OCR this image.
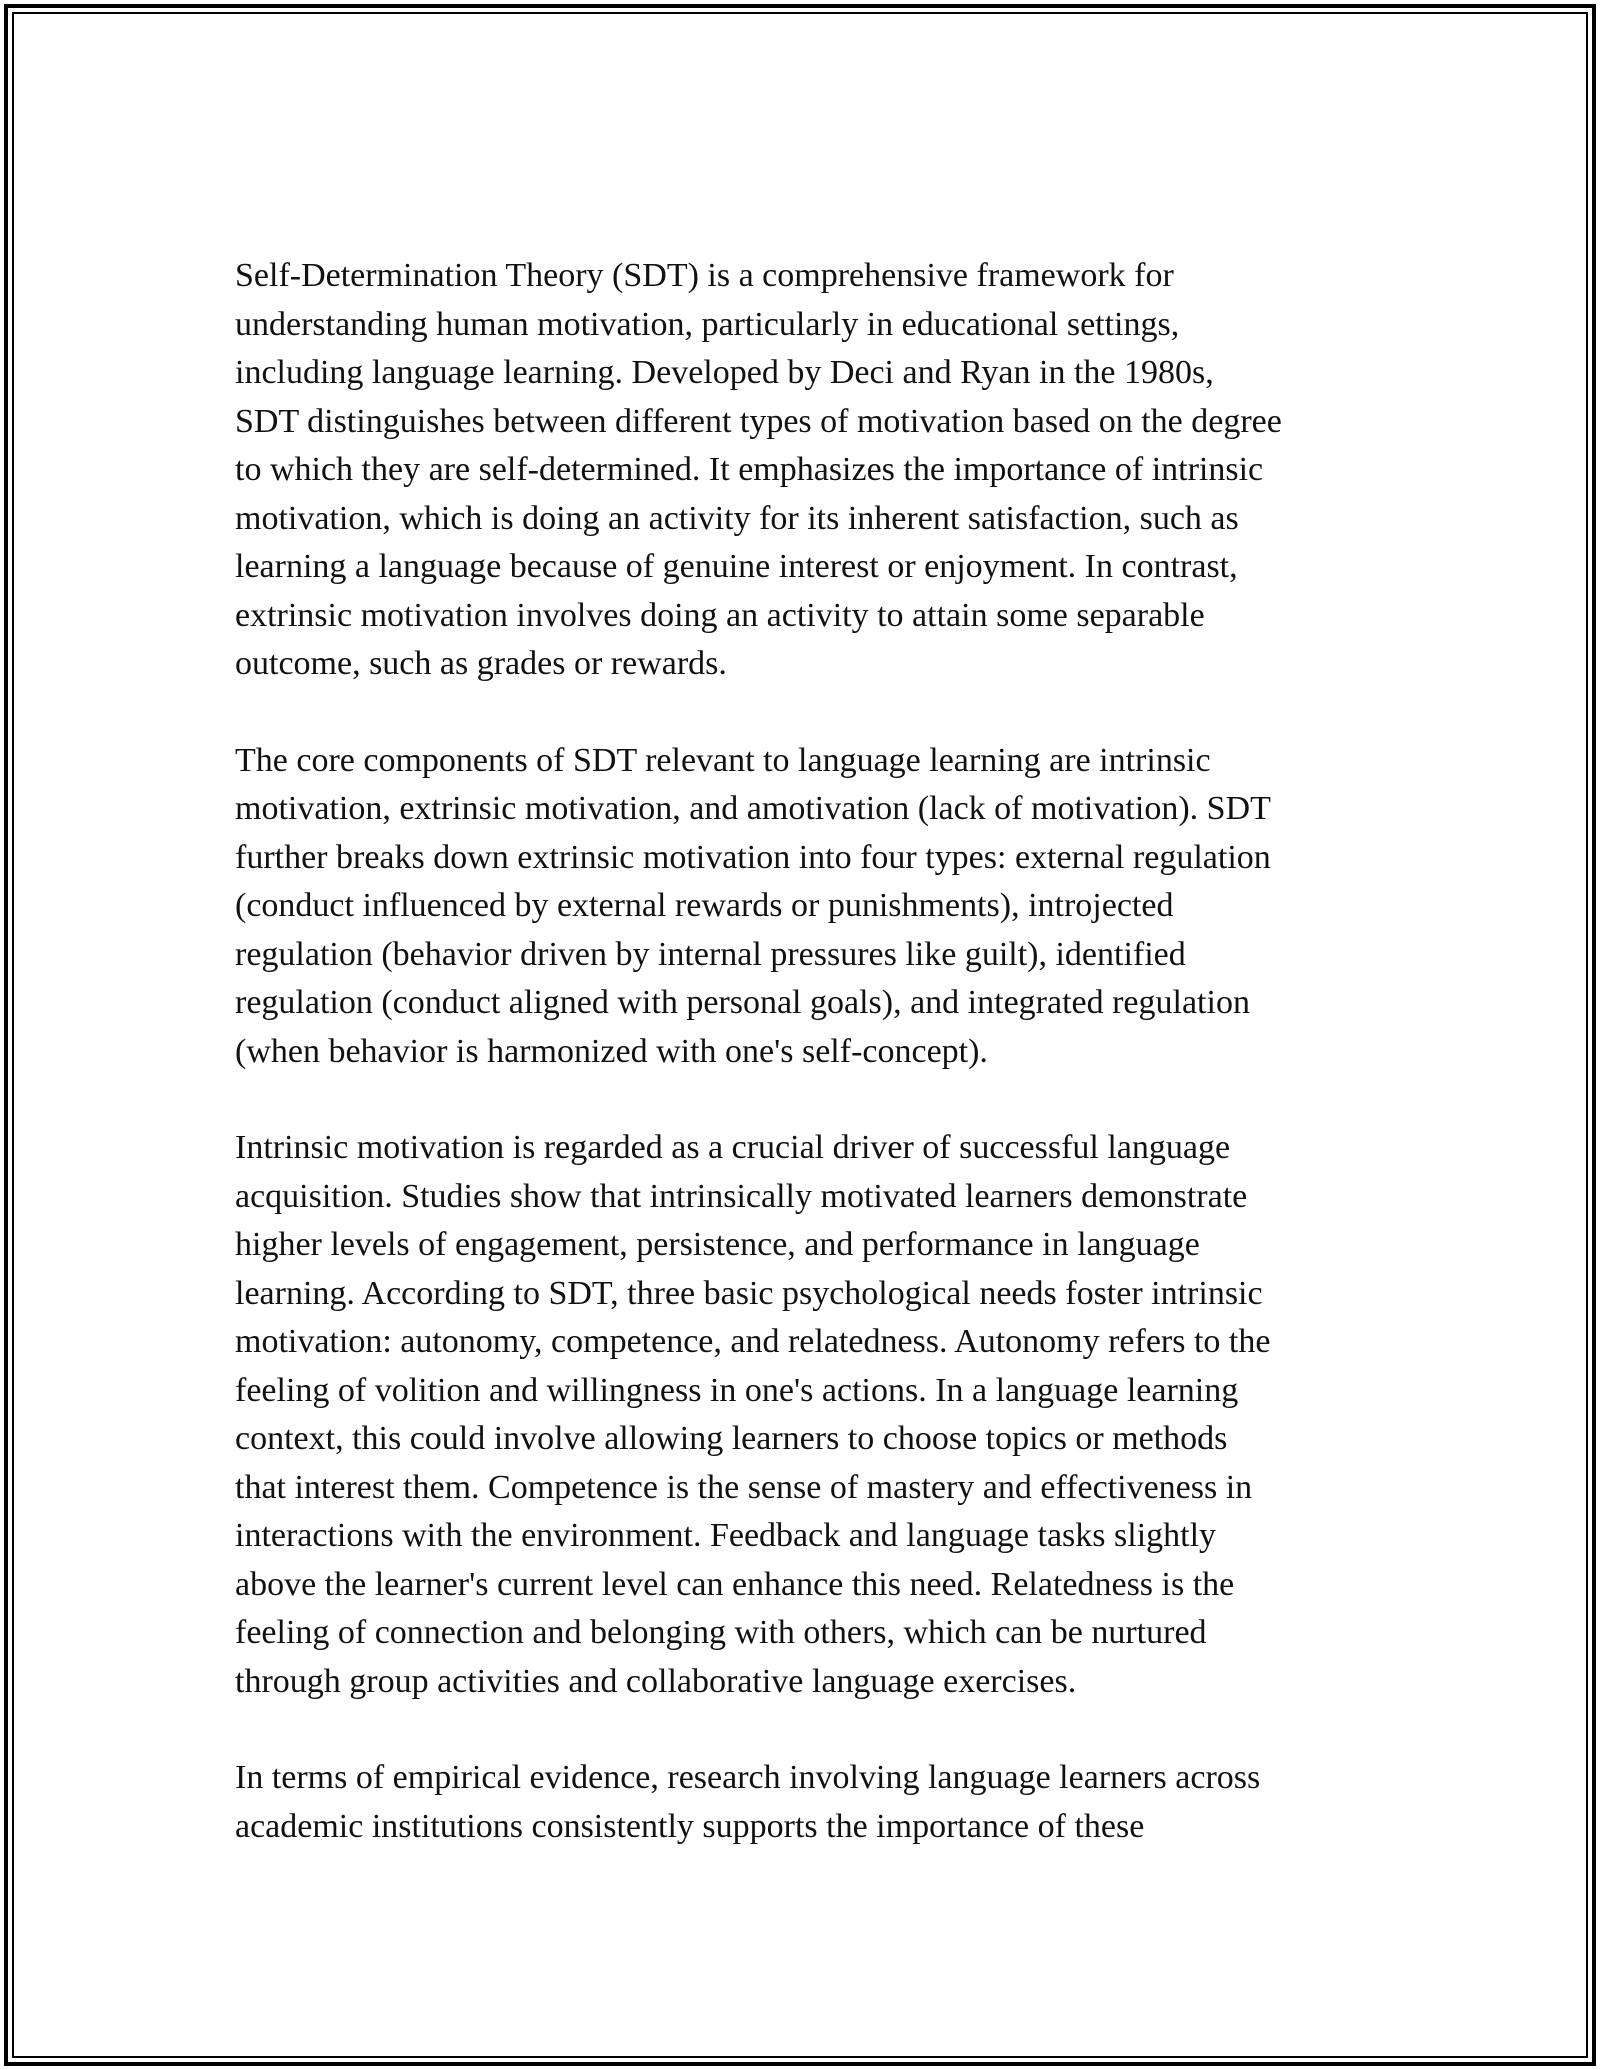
Self-Determination Theory (SDT) is a comprehensive framework for
understanding human motivation, particularly in educational settings,
including language learning. Developed by Deci and Ryan in the 1980s,
SDT distinguishes between different types of motivation based on the degree
to which they are self-determined. It emphasizes the importance of intrinsic
motivation, which is doing an activity for its inherent satisfaction, such as
learning a language because of genuine interest or enjoyment. In contrast,
extrinsic motivation involves doing an activity to attain some separable
outcome, such as grades or rewards.

The core components of SDT relevant to language learning are intrinsic
motivation, extrinsic motivation, and amotivation (lack of motivation). SDT
further breaks down extrinsic motivation into four types: external regulation
(conduct influenced by external rewards or punishments), introjected
regulation (behavior driven by internal pressures like guilt), identified
regulation (conduct aligned with personal goals), and integrated regulation
(when behavior is harmonized with one's self-concept).

Intrinsic motivation is regarded as a crucial driver of successful language
acquisition. Studies show that intrinsically motivated learners demonstrate
higher levels of engagement, persistence, and performance in language
learning. According to SDT, three basic psychological needs foster intrinsic
motivation: autonomy, competence, and relatedness. Autonomy refers to the
feeling of volition and willingness in one's actions. In a language learning
context, this could involve allowing learners to choose topics or methods
that interest them. Competence is the sense of mastery and effectiveness in
interactions with the environment. Feedback and language tasks slightly
above the learner's current level can enhance this need. Relatedness is the
feeling of connection and belonging with others, which can be nurtured
through group activities and collaborative language exercises.

In terms of empirical evidence, research involving language learners across
academic institutions consistently supports the importance of these
